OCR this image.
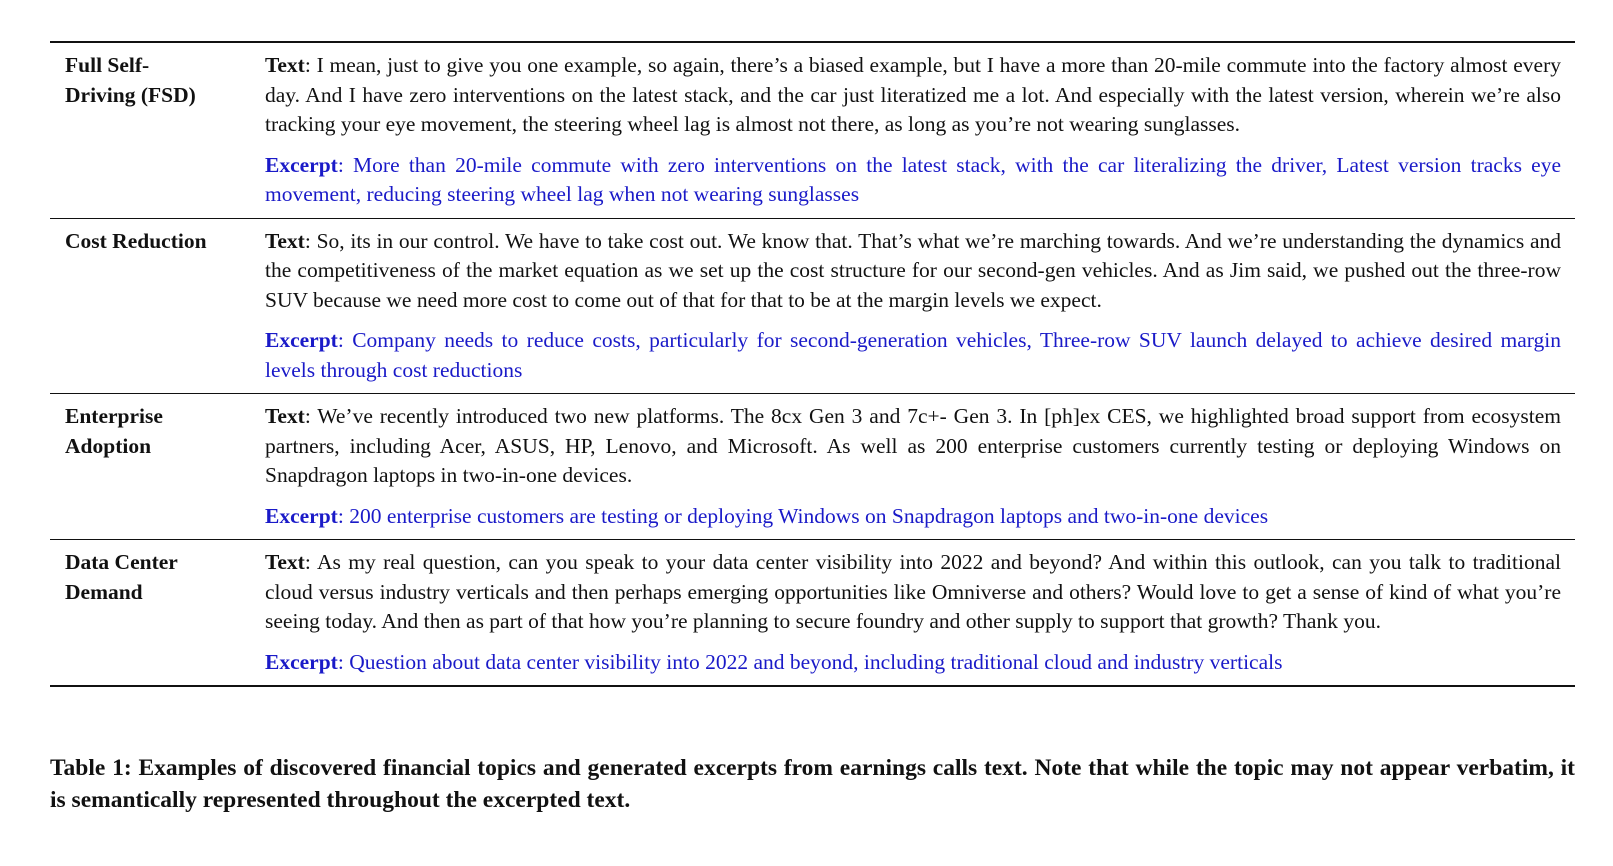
Full Self-Driving (FSD)

Text: I mean, just to give you one example, so again, there’s a biased example, but I have a more than 20-mile commute into the factory almost every day. And I have zero interventions on the latest stack, and the car just literatized me a lot. And especially with the latest version, wherein we’re also tracking your eye movement, the steering wheel lag is almost not there, as long as you’re not wearing sunglasses.

Excerpt: More than 20-mile commute with zero interventions on the latest stack, with the car literalizing the driver, Latest version tracks eye movement, reducing steering wheel lag when not wearing sunglasses

Cost Reduction	Text: So, its in our control. We have to take cost out. We know that. That’s what we’re marching towards. And we’re understanding the dynamics and the competitiveness of the market equation as we set up the cost structure for our second-gen vehicles. And as Jim said, we pushed out the three-row SUV because we need more cost to come out of that for that to be at the margin levels we expect.

Excerpt: Company needs to reduce costs, particularly for second-generation vehicles, Three-row SUV launch delayed to achieve desired margin levels through cost reductions

Enterprise Adoption

Text: We’ve recently introduced two new platforms. The 8cx Gen 3 and 7c+- Gen 3. In [ph]ex CES, we highlighted broad support from ecosystem partners, including Acer, ASUS, HP, Lenovo, and Microsoft. As well as 200 enterprise customers currently testing or deploying Windows on Snapdragon laptops in two-in-one devices.

Excerpt: 200 enterprise customers are testing or deploying Windows on Snapdragon laptops and two-in-one devices

Data Center Demand

Text: As my real question, can you speak to your data center visibility into 2022 and beyond? And within this outlook, can you talk to traditional cloud versus industry verticals and then perhaps emerging opportunities like Omniverse and others? Would love to get a sense of kind of what you’re seeing today. And then as part of that how you’re planning to secure foundry and other supply to support that growth? Thank you.

Excerpt: Question about data center visibility into 2022 and beyond, including traditional cloud and industry verticals

Table 1: Examples of discovered financial topics and generated excerpts from earnings calls text. Note that while the topic may not appear verbatim, it is semantically represented throughout the excerpted text.
